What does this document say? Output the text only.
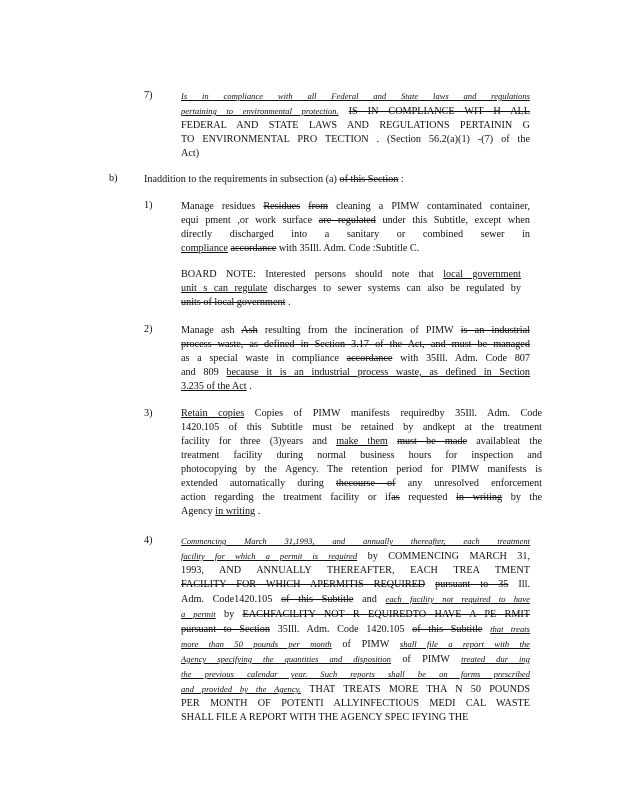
7)	Is in compliance with all Federal and State laws and regulations
pertaining to environmental protection. IS IN COMPLIANCE WIT H ALL
FEDERAL AND STATE LAWS AND REGULATIONS PERTAININ G
TO ENVIRONMENTAL PRO TECTION . (Section 56.2(a)(1) -(7) of the
Act)
b)	Inaddition to the requirements in subsection (a) of this Section :
1)	Manage residues Residues from cleaning a PIMW contaminated container,
equi pment ,or work surface are regulated under this Subtitle, except when
directly discharged into a sanitary or combined sewer in
compliance accordance with 35Ill. Adm. Code :Subtitle C.
BOARD NOTE: Interested persons should note that local government
unit s can regulate discharges to sewer systems can also be regulated by
units of local government .
2)	Manage ash Ash resulting from the incineration of PIMW is an industrial
process waste, as defined in Section 3.17 of the Act, and must be managed
as a special waste in compliance accordance with 35Ill. Adm. Code 807
and 809 because it is an industrial process waste, as defined in Section
3.235 of the Act .
3)	Retain copies Copies of PIMW manifests requiredby 35Ill. Adm. Code
1420.105 of this Subtitle must be retained by andkept at the treatment
facility for three (3)years and make them must be made availableat the
treatment facility during normal business hours for inspection and
photocopying by the Agency. The retention period for PIMW manifests is
extended automatically during thecourse of any unresolved enforcement
action regarding the treatment facility or ifas requested in writing by the
Agency in writing .
4)	Commencing March 31,1993, and annually thereafter, each treatment
facility for which a permit is required by COMMENCING MARCH 31,
1993, AND ANNUALLY THEREAFTER, EACH TREA TMENT
FACILITY FOR WHICH APERMITIS REQUIRED pursuant to 35 Ill.
Adm. Code1420.105 of this Subtitle and each facility not required to have
a permit by EACHFACILITY NOT R EQUIREDTO HAVE A PE RMIT
pursuant to Section 35Ill. Adm. Code 1420.105 of this Subtitle that treats
more than 50 pounds per month of PIMW shall file a report with the
Agency specifying the quantities and disposition of PIMW treated dur ing
the previous calendar year. Such reports shall be on forms prescribed
and provided by the Agency. THAT TREATS MORE THA N 50 POUNDS
PER MONTH OF POTENTI ALLYINFECTIOUS MEDI CAL WASTE
SHALL FILE A REPORT WITH THE AGENCY SPEC IFYING THE
